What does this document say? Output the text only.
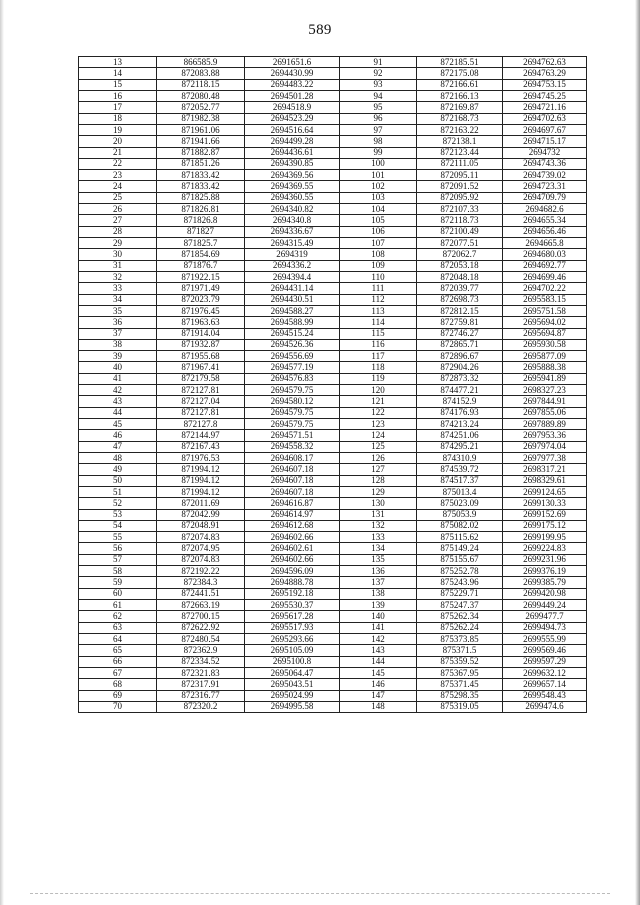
589
13	866585.9	2691651.6	91	872185.51	2694762.63
14	872083.88	2694430.99	92	872175.08	2694763.29
15	872118.15	2694483.22	93	872166.61	2694753.15
16	872080.48	2694501.28	94	872166.13	2694745.25
17	872052.77	2694518.9	95	872169.87	2694721.16
18	871982.38	2694523.29	96	872168.73	2694702.63
19	871961.06	2694516.64	97	872163.22	2694697.67
20	871941.66	2694499.28	98	872138.1	2694715.17
21	871882.87	2694436.61	99	872123.44	2694732
22	871851.26	2694390.85	100	872111.05	2694743.36
23	871833.42	2694369.56	101	872095.11	2694739.02
24	871833.42	2694369.55	102	872091.52	2694723.31
25	871825.88	2694360.55	103	872095.92	2694709.79
26	871826.81	2694340.82	104	872107.33	2694682.6
27	871826.8	2694340.8	105	872118.73	2694655.34
28	871827	2694336.67	106	872100.49	2694656.46
29	871825.7	2694315.49	107	872077.51	2694665.8
30	871854.69	2694319	108	872062.7	2694680.03
31	871876.7	2694336.2	109	872053.18	2694692.77
32	871922.15	2694394.4	110	872048.18	2694699.46
33	871971.49	2694431.14	111	872039.77	2694702.22
34	872023.79	2694430.51	112	872698.73	2695583.15
35	871976.45	2694588.27	113	872812.15	2695751.58
36	871963.63	2694588.99	114	872759.81	2695694.02
37	871914.04	2694515.24	115	872746.27	2695694.87
38	871932.87	2694526.36	116	872865.71	2695930.58
39	871955.68	2694556.69	117	872896.67	2695877.09
40	871967.41	2694577.19	118	872904.26	2695888.38
41	872179.58	2694576.83	119	872873.32	2695941.89
42	872127.81	2694579.75	120	874477.21	2698327.23
43	872127.04	2694580.12	121	874152.9	2697844.91
44	872127.81	2694579.75	122	874176.93	2697855.06
45	872127.8	2694579.75	123	874213.24	2697889.89
46	872144.97	2694571.51	124	874251.06	2697953.36
47	872167.43	2694558.32	125	874295.21	2697974.04
48	871976.53	2694608.17	126	874310.9	2697977.38
49	871994.12	2694607.18	127	874539.72	2698317.21
50	871994.12	2694607.18	128	874517.37	2698329.61
51	871994.12	2694607.18	129	875013.4	2699124.65
52	872011.69	2694616.87	130	875023.09	2699130.33
53	872042.99	2694614.97	131	875053.9	2699152.69
54	872048.91	2694612.68	132	875082.02	2699175.12
55	872074.83	2694602.66	133	875115.62	2699199.95
56	872074.95	2694602.61	134	875149.24	2699224.83
57	872074.83	2694602.66	135	875155.67	2699231.96
58	872192.22	2694596.09	136	875252.78	2699376.19
59	872384.3	2694888.78	137	875243.96	2699385.79
60	872441.51	2695192.18	138	875229.71	2699420.98
61	872663.19	2695530.37	139	875247.37	2699449.24
62	872700.15	2695617.28	140	875262.34	2699477.7
63	872622.92	2695517.93	141	875262.24	2699494.73
64	872480.54	2695293.66	142	875373.85	2699555.99
65	872362.9	2695105.09	143	875371.5	2699569.46
66	872334.52	2695100.8	144	875359.52	2699597.29
67	872321.83	2695064.47	145	875367.95	2699632.12
68	872317.91	2695043.51	146	875371.45	2699657.14
69	872316.77	2695024.99	147	875298.35	2699548.43
70	872320.2	2694995.58	148	875319.05	2699474.6
